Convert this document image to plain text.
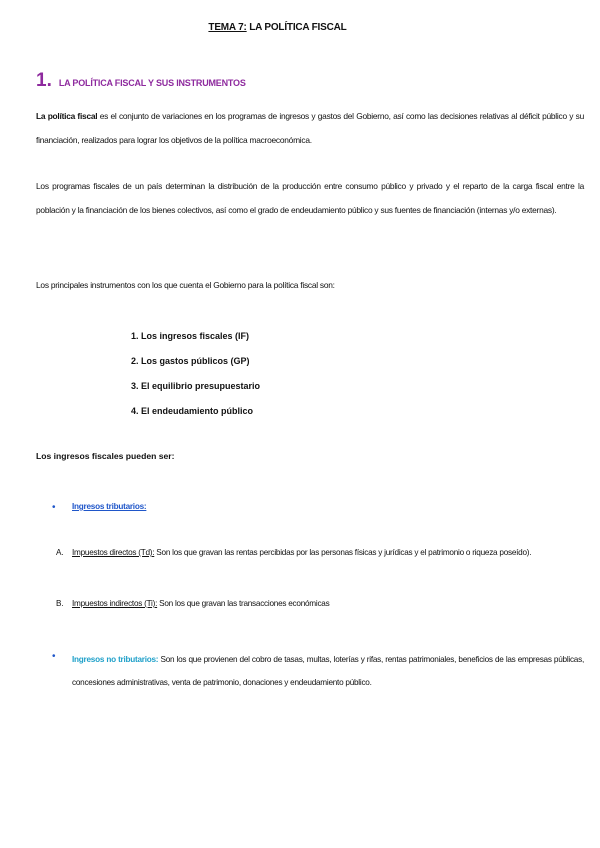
TEMA 7: LA POLÍTICA FISCAL
1. LA POLÍTICA FISCAL Y SUS INSTRUMENTOS
La política fiscal es el conjunto de variaciones en los programas de ingresos y gastos del Gobierno, así como las decisiones relativas al déficit público y su financiación, realizados para lograr los objetivos de la política macroeconómica.
Los programas fiscales de un país determinan la distribución de la producción entre consumo público y privado y el reparto de la carga fiscal entre la población y la financiación de los bienes colectivos, así como el grado de endeudamiento público y sus fuentes de financiación (internas y/o externas).
Los principales instrumentos con los que cuenta el Gobierno para la política fiscal son:
1. Los ingresos fiscales (IF)
2. Los gastos públicos (GP)
3. El equilibrio presupuestario
4. El endeudamiento público
Los ingresos fiscales pueden ser:
•	Ingresos tributarios:
A.	Impuestos directos (Td): Son los que gravan las rentas percibidas por las personas físicas y jurídicas y el patrimonio o riqueza poseído).
B.	Impuestos indirectos (Ti): Son los que gravan las transacciones económicas
•	Ingresos no tributarios: Son los que provienen del cobro de tasas, multas, loterías y rifas, rentas patrimoniales, beneficios de las empresas públicas, concesiones administrativas, venta de patrimonio, donaciones y endeudamiento público.
